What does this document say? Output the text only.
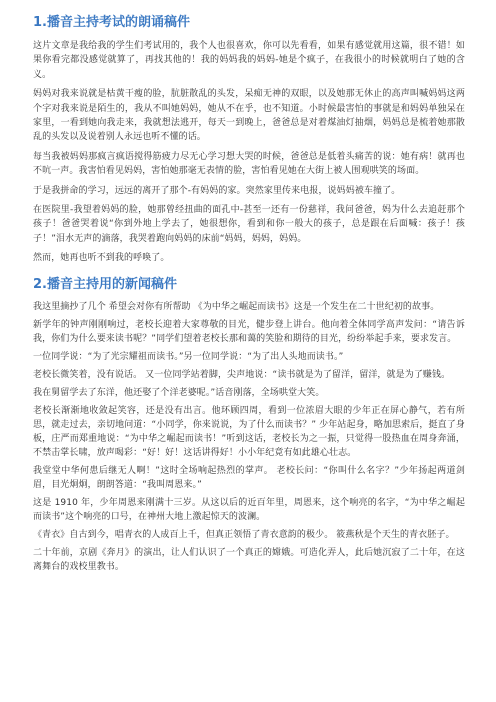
1.播音主持考试的朗诵稿件

这片文章是我给我的学生们考试用的，我个人也很喜欢，你可以先看看，如果有感觉就用这篇，很不错！如果你看完都没感觉就算了，再找其他的！我的妈妈我的妈妈-她是个疯子，在我很小的时候就明白了她的含义。

妈妈对我来说就是枯黄干瘦的脸，肮脏散乱的头发，呆痴无神的双眼，以及她那无休止的高声叫喊妈妈这两个字对我来说是陌生的，我从不叫她妈妈，她从不在乎，也不知道。小时候最害怕的事就是和妈妈单独呆在家里，一看到她向我走来，我就想法逃开，每天一到晚上，爸爸总是对着煤油灯抽烟，妈妈总是梳着她那散乱的头发以及说着别人永远也听不懂的话。

每当我被妈妈那疯言疯语搅得筋疲力尽无心学习想大哭的时候，爸爸总是低着头痛苦的说：她有病！就再也不吭一声。我害怕看见妈妈，害怕她那毫无表情的脸，害怕看见她在大街上被人围观哄笑的场面。

于是我拼命的学习，远远的离开了那个-有妈妈的家。突然家里传来电报，说妈妈被车撞了。

在医院里-我望着妈妈的脸，她那曾经扭曲的面孔中-甚至一还有一份慈祥，我问爸爸，妈为什么去追赶那个孩子！爸爸哭着说“你到外地上学去了，她很想你，看到和你一般大的孩子，总是跟在后面喊：孩子！孩子！”泪水无声的滴落，我哭着跑向妈妈的床前“妈妈，妈妈，妈妈。

然而，她再也听不到我的呼唤了。

2.播音主持用的新闻稿件

我这里摘抄了几个 希望会对你有所帮助 《为中华之崛起而读书》这是一个发生在二十世纪初的故事。

新学年的钟声刚刚响过，老校长迎着大家尊敬的目光，健步登上讲台。他向着全体同学高声发问：“请告诉我，你们为什么要来读书呢？”同学们望着老校长那和蔼的笑脸和期待的目光，纷纷举起手来，要求发言。

一位同学说：“为了光宗耀祖而读书。”另一位同学说：“为了出人头地而读书。”

老校长微笑着，没有说话。 又一位同学站着脚，尖声地说：“读书就是为了留洋，留洋，就是为了赚钱。

我在舅留学去了东洋，他还娶了个洋老婆呢。”话音刚落，全场哄堂大笑。

老校长渐渐地收敛起笑容，还是没有出言。他环顾四周，看到一位浓眉大眼的少年正在屏心静气，若有所思，就走过去，亲切地问道：“小同学，你来说说，为了什么而读书？” 少年站起身，略加思索后，挺直了身板，庄严而郑重地说：“为中华之崛起而读书！”听到这话，老校长为之一振，只觉得一股热血在周身奔涌，不禁击掌长啸，放声喝彩：“好！好！这话讲得好！小小年纪竟有如此雄心壮志。

我堂堂中华何患后继无人啊！”这时全场响起热烈的掌声。 老校长问：“你叫什么名字？”少年扬起两道剑眉，目光炯炯，朗朗答道：“我叫周恩来。”

这是 1910 年，少年周恩来刚满十三岁。从这以后的近百年里，周恩来，这个响亮的名字，“为中华之崛起而读书”这个响亮的口号，在神州大地上激起惊天的波澜。

《青衣》自古到今，唱青衣的人成百上千，但真正领悟了青衣意韵的极少。 筱燕秋是个天生的青衣胚子。

二十年前，京剧《奔月》的演出，让人们认识了一个真正的嫦娥。可造化弄人，此后她沉寂了二十年，在这离舞台的戏校里教书。
